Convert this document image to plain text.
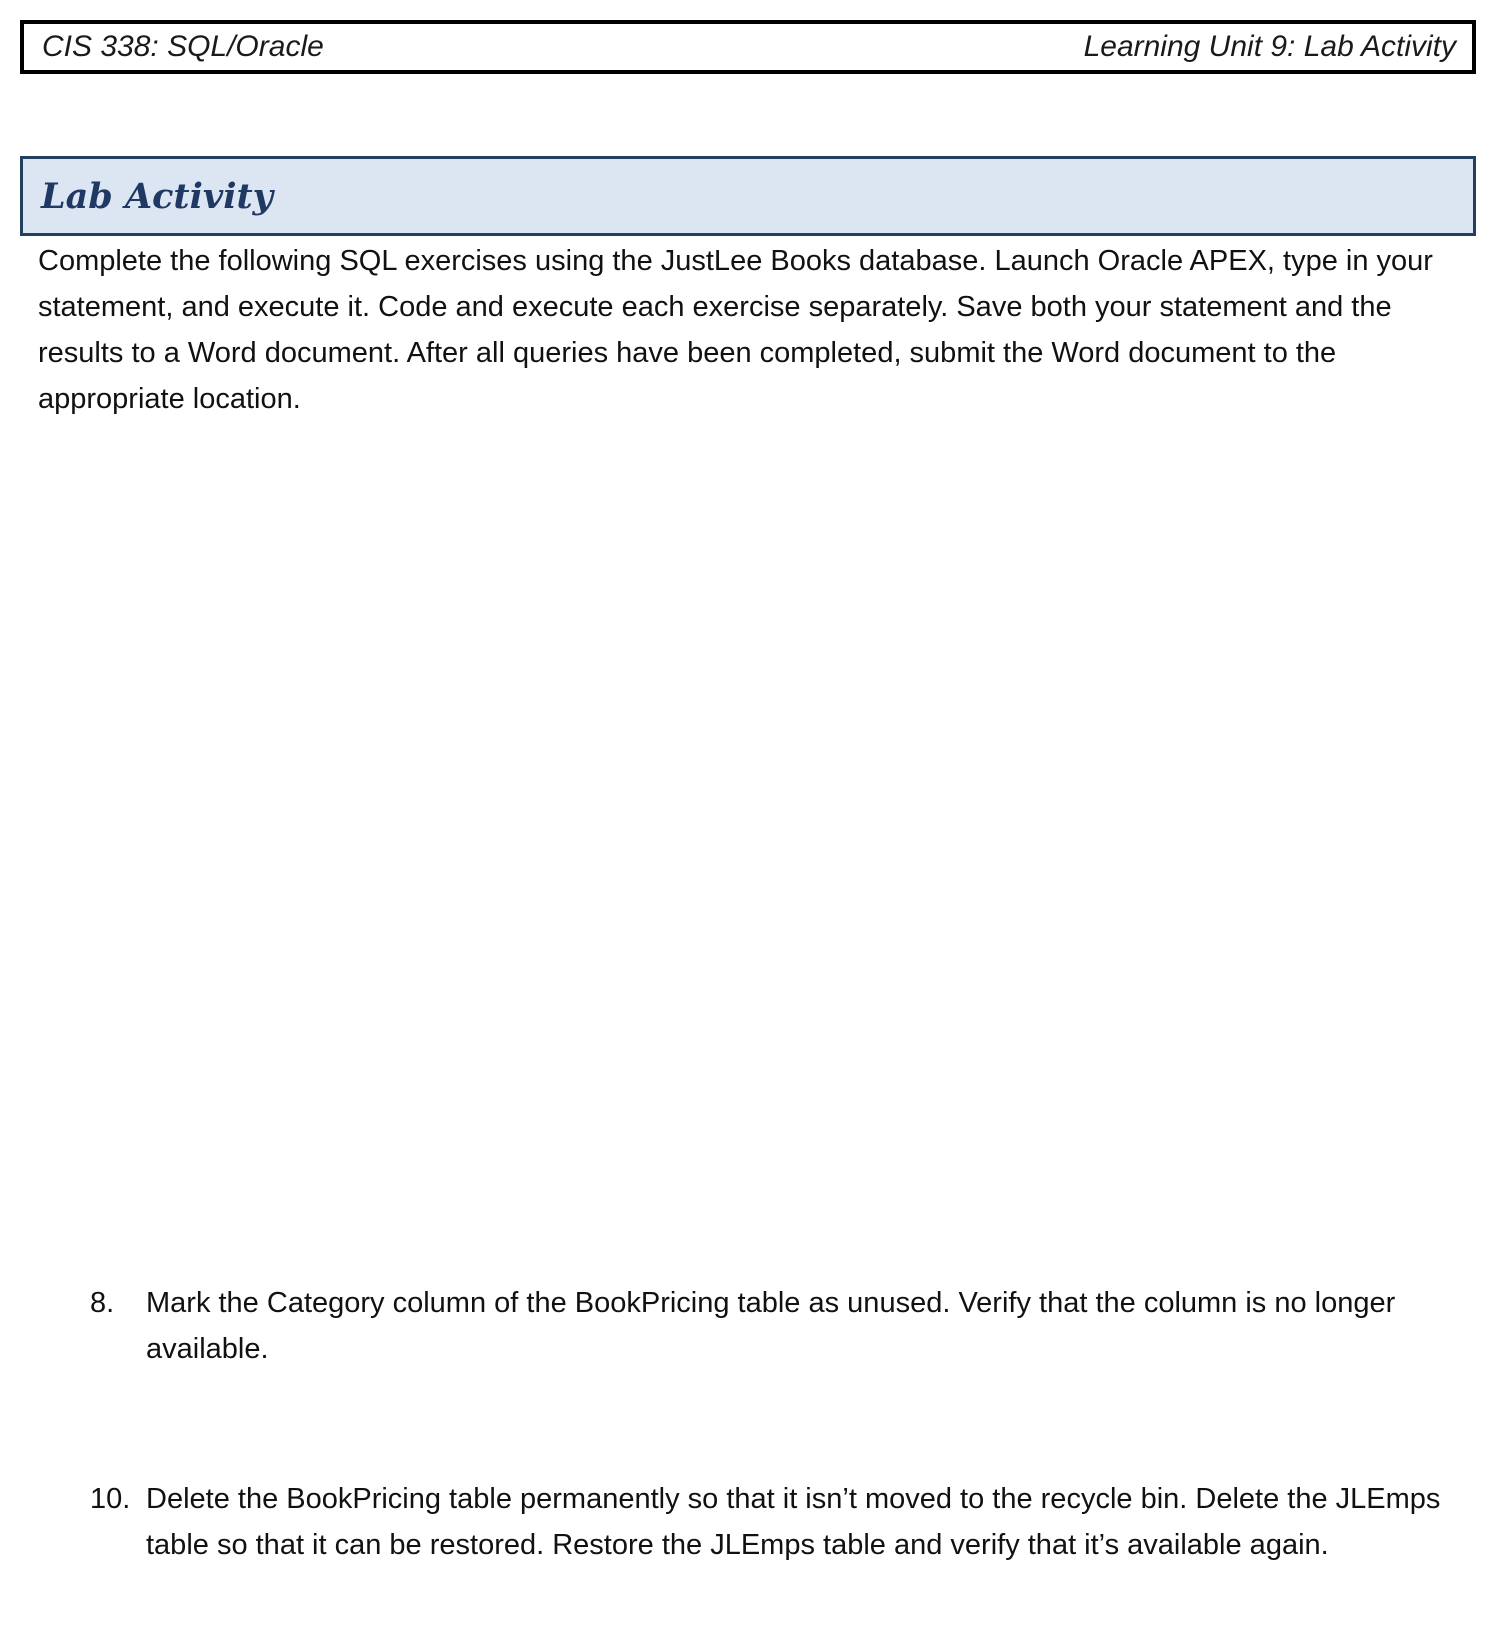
CIS 338: SQL/Oracle	Learning Unit 9: Lab Activity
Lab Activity

Complete the following SQL exercises using the JustLee Books database. Launch Oracle APEX, type in your statement, and execute it. Code and execute each exercise separately. Save both your statement and the results to a Word document. After all queries have been completed, submit the Word document to the appropriate location.

8.	Mark the Category column of the BookPricing table as unused. Verify that the column is no longer available.
10. Delete the BookPricing table permanently so that it isn’t moved to the recycle bin. Delete the JLEmps table so that it can be restored. Restore the JLEmps table and verify that it’s available again.
